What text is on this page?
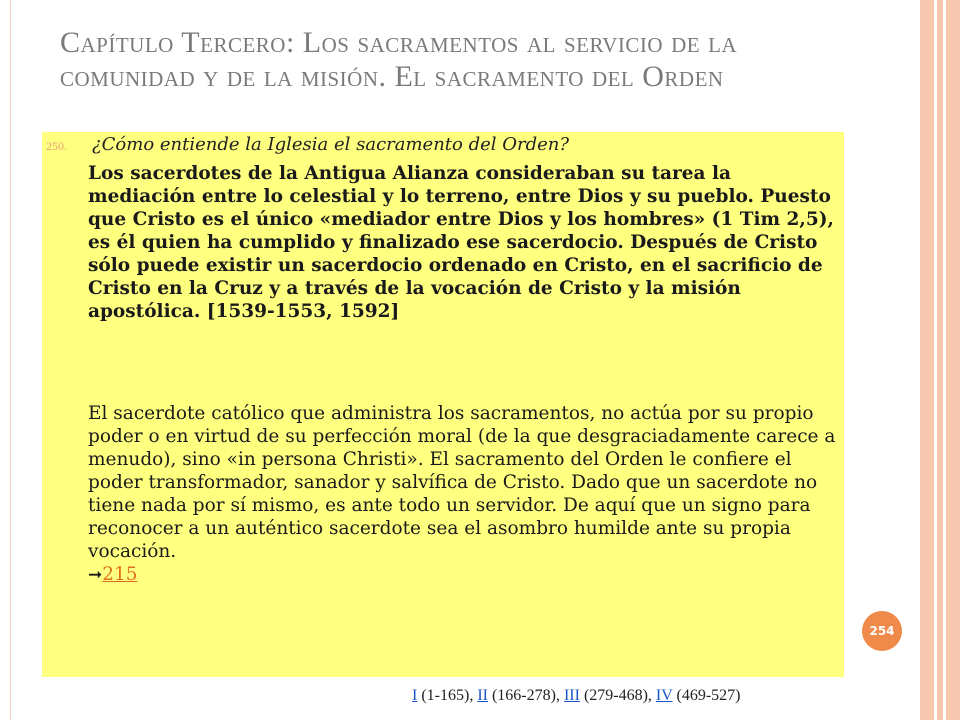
Capítulo Tercero: Los sacramentos al servicio de la comunidad y de la misión. El sacramento del Orden
250.	¿Cómo entiende la Iglesia el sacramento del Orden?

Los sacerdotes de la Antigua Alianza consideraban su tarea la mediación entre lo celestial y lo terreno, entre Dios y su pueblo. Puesto que Cristo es el único «mediador entre Dios y los hombres» (1 Tim 2,5), es él quien ha cumplido y finalizado ese sacerdocio. Después de Cristo sólo puede existir un sacerdocio ordenado en Cristo, en el sacrificio de Cristo en la Cruz y a través de la vocación de Cristo y la misión apostólica. [1539-1553, 1592]

El sacerdote católico que administra los sacramentos, no actúa por su propio poder o en virtud de su perfección moral (de la que desgraciadamente carece a menudo), sino «in persona Christi». El sacramento del Orden le confiere el poder transformador, sanador y salvífica de Cristo. Dado que un sacerdote no tiene nada por sí mismo, es ante todo un servidor. De aquí que un signo para reconocer a un auténtico sacerdote sea el asombro humilde ante su propia vocación.
➞215

254
I (1-165), II (166-278), III (279-468), IV (469-527)
